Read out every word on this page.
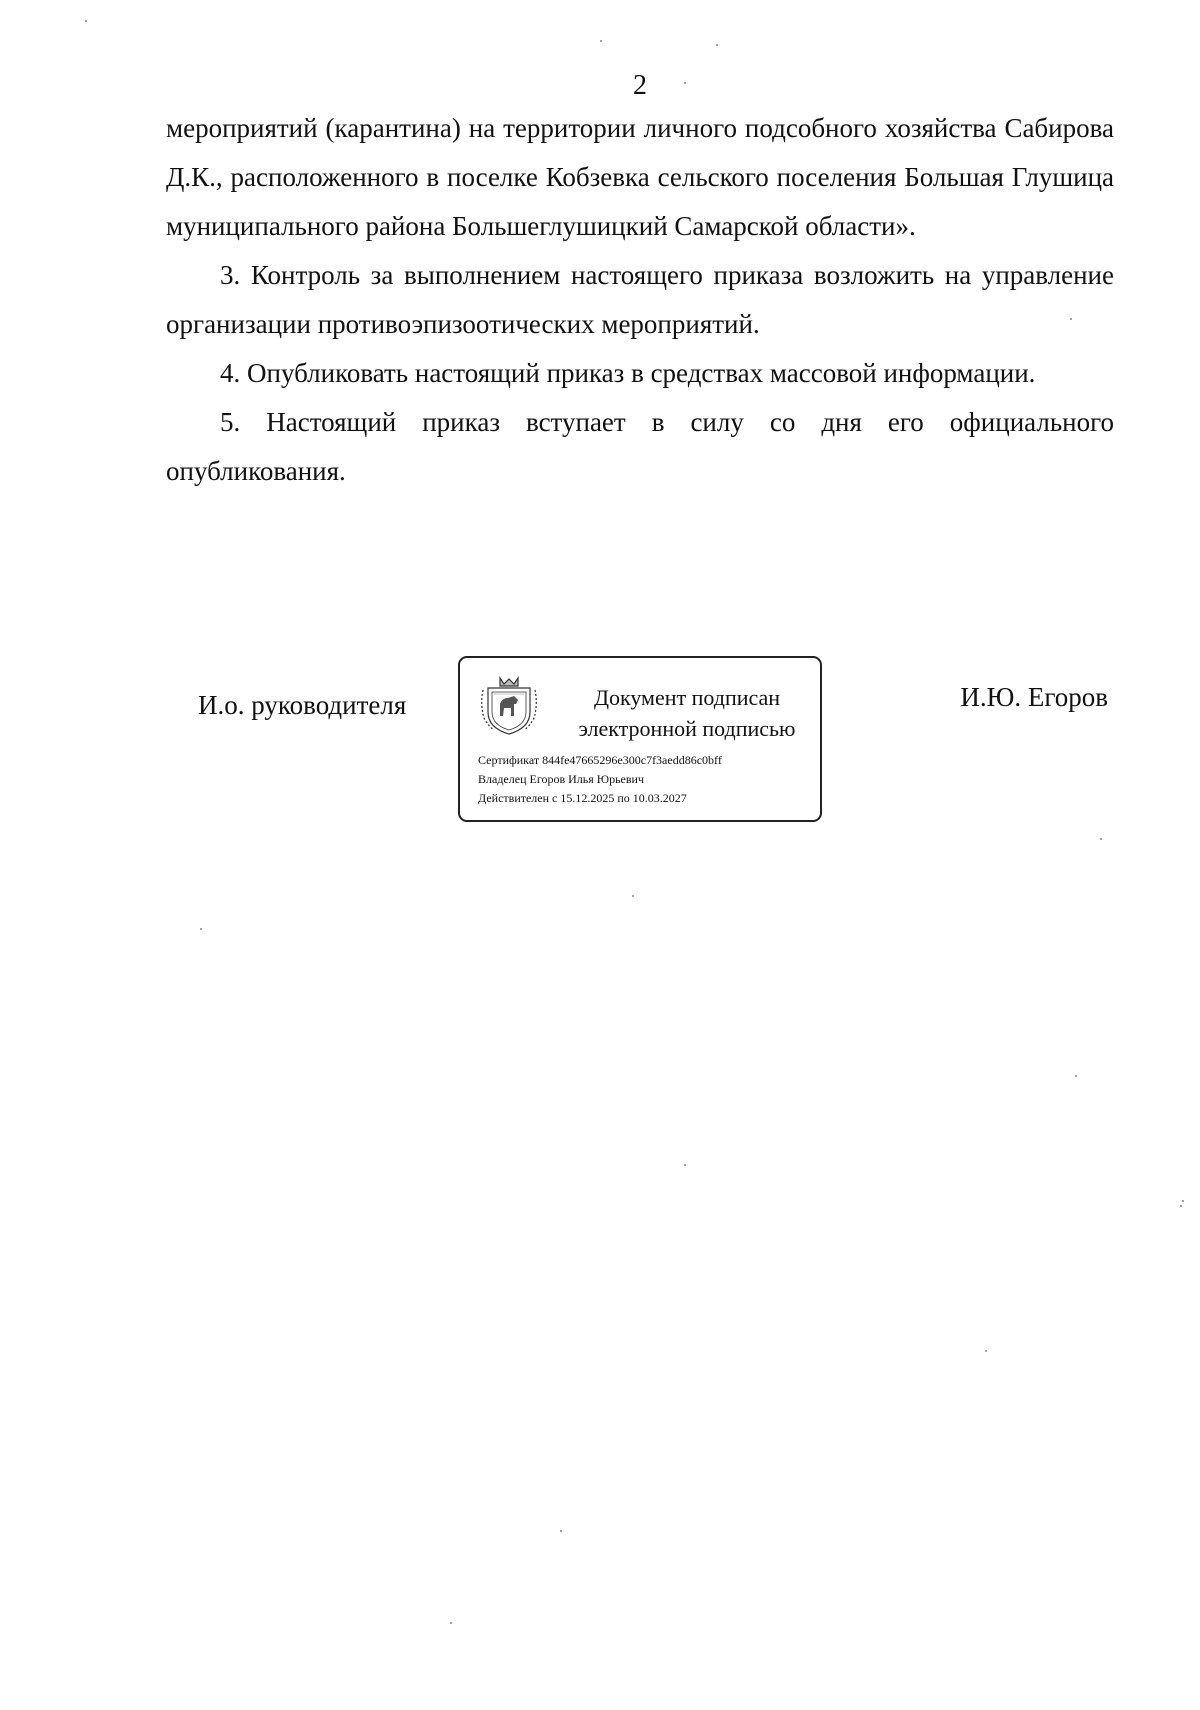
2

мероприятий (карантина) на территории личного подсобного хозяйства Сабирова Д.К., расположенного в поселке Кобзевка сельского поселения Большая Глушица муниципального района Большеглушицкий Самарской области».

3. Контроль за выполнением настоящего приказа возложить на управление организации противоэпизоотических мероприятий.

4. Опубликовать настоящий приказ в средствах массовой информации.

5. Настоящий приказ вступает в силу со дня его официального опубликования.

И.о. руководителя	Документ подписан
электронной подписью
Сертификат 844fe47665296e300c7f3aedd86c0bff
Владелец Егоров Илья Юрьевич
Действителен с 15.12.2025 по 10.03.2027
И.Ю. Егоров
